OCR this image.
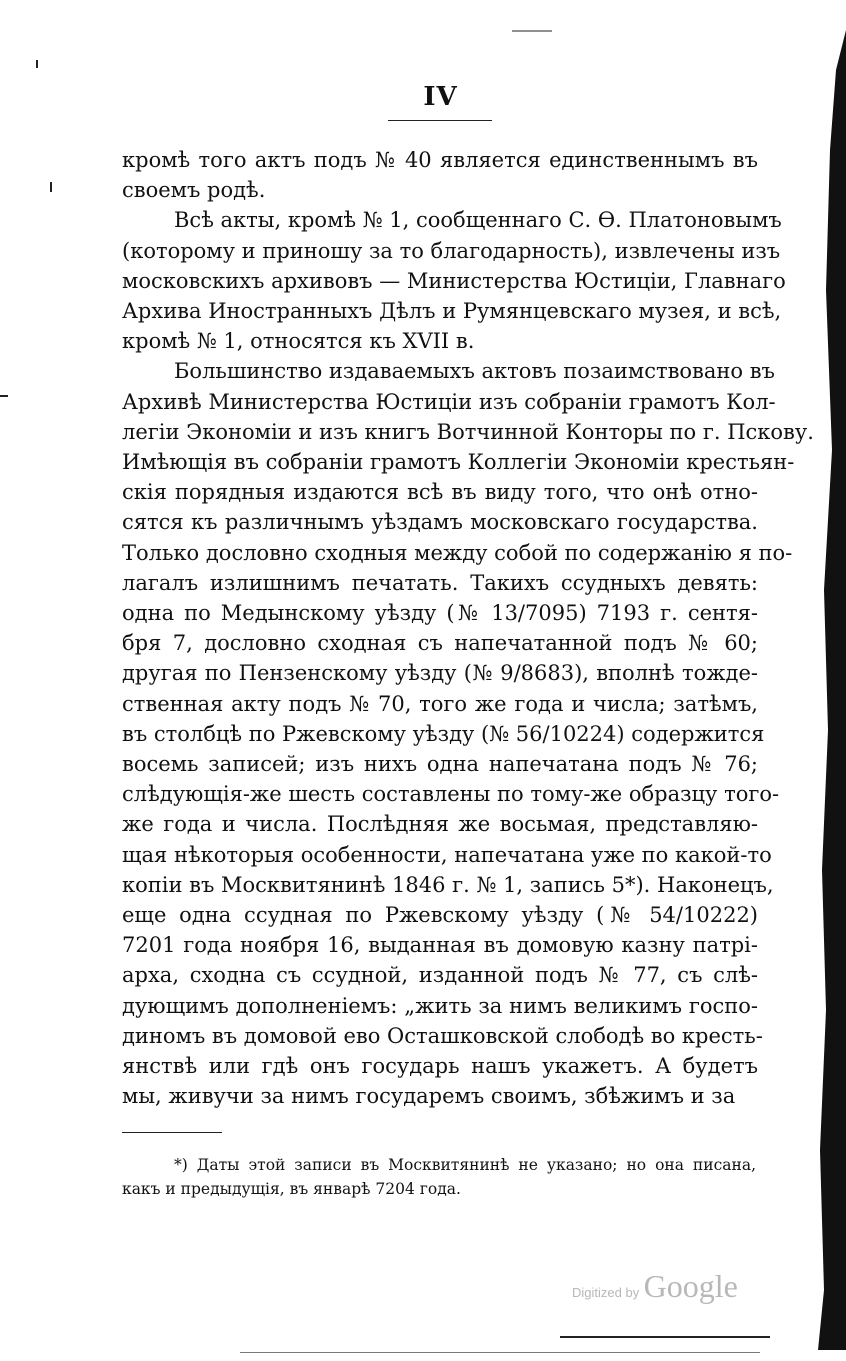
IV
кромѣ того актъ подъ № 40 является единственнымъ въ
своемъ родѣ.
Всѣ акты, кромѣ № 1, сообщеннаго С. Ѳ. Платоновымъ
(которому и приношу за то благодарность), извлечены изъ
московскихъ архивовъ — Министерства Юстиціи, Главнаго
Архива Иностранныхъ Дѣлъ и Румянцевскаго музея, и всѣ,
кромѣ № 1, относятся къ XVII в.
Большинство издаваемыхъ актовъ позаимствовано въ
Архивѣ Министерства Юстиціи изъ собраніи грамотъ Кол-
легіи Экономіи и изъ книгъ Вотчинной Конторы по г. Пскову.
Имѣющія въ собраніи грамотъ Коллегіи Экономіи крестьян-
скія порядныя издаются всѣ въ виду того, что онѣ отно-
сятся къ различнымъ уѣздамъ московскаго государства.
Только дословно сходныя между собой по содержанію я по-
лагалъ излишнимъ печатать. Такихъ ссудныхъ девять:
одна по Медынскому уѣзду (№ 13/7095) 7193 г. сентя-
бря 7, дословно сходная съ напечатанной подъ № 60;
другая по Пензенскому уѣзду (№ 9/8683), вполнѣ тожде-
ственная акту подъ № 70, того же года и числа; затѣмъ,
въ столбцѣ по Ржевскому уѣзду (№ 56/10224) содержится
восемь записей; изъ нихъ одна напечатана подъ № 76;
слѣдующія-же шесть составлены по тому-же образцу того-
же года и числа. Послѣдняя же восьмая, представляю-
щая нѣкоторыя особенности, напечатана уже по какой-то
копіи въ Москвитянинѣ 1846 г. № 1, запись 5*). Наконецъ,
еще одна ссудная по Ржевскому уѣзду (№ 54/10222)
7201 года ноября 16, выданная въ домовую казну патрі-
арха, сходна съ ссудной, изданной подъ № 77, съ слѣ-
дующимъ дополненіемъ: „жить за нимъ великимъ госпо-
диномъ въ домовой ево Осташковской слободѣ во кресть-
янствѣ или гдѣ онъ государь нашъ укажетъ. А будетъ
мы, живучи за нимъ государемъ своимъ, збѣжимъ и за
*) Даты этой записи въ Москвитянинѣ не указано; но она писана,
какъ и предыдущія, въ январѣ 7204 года.
Digitized by Google
